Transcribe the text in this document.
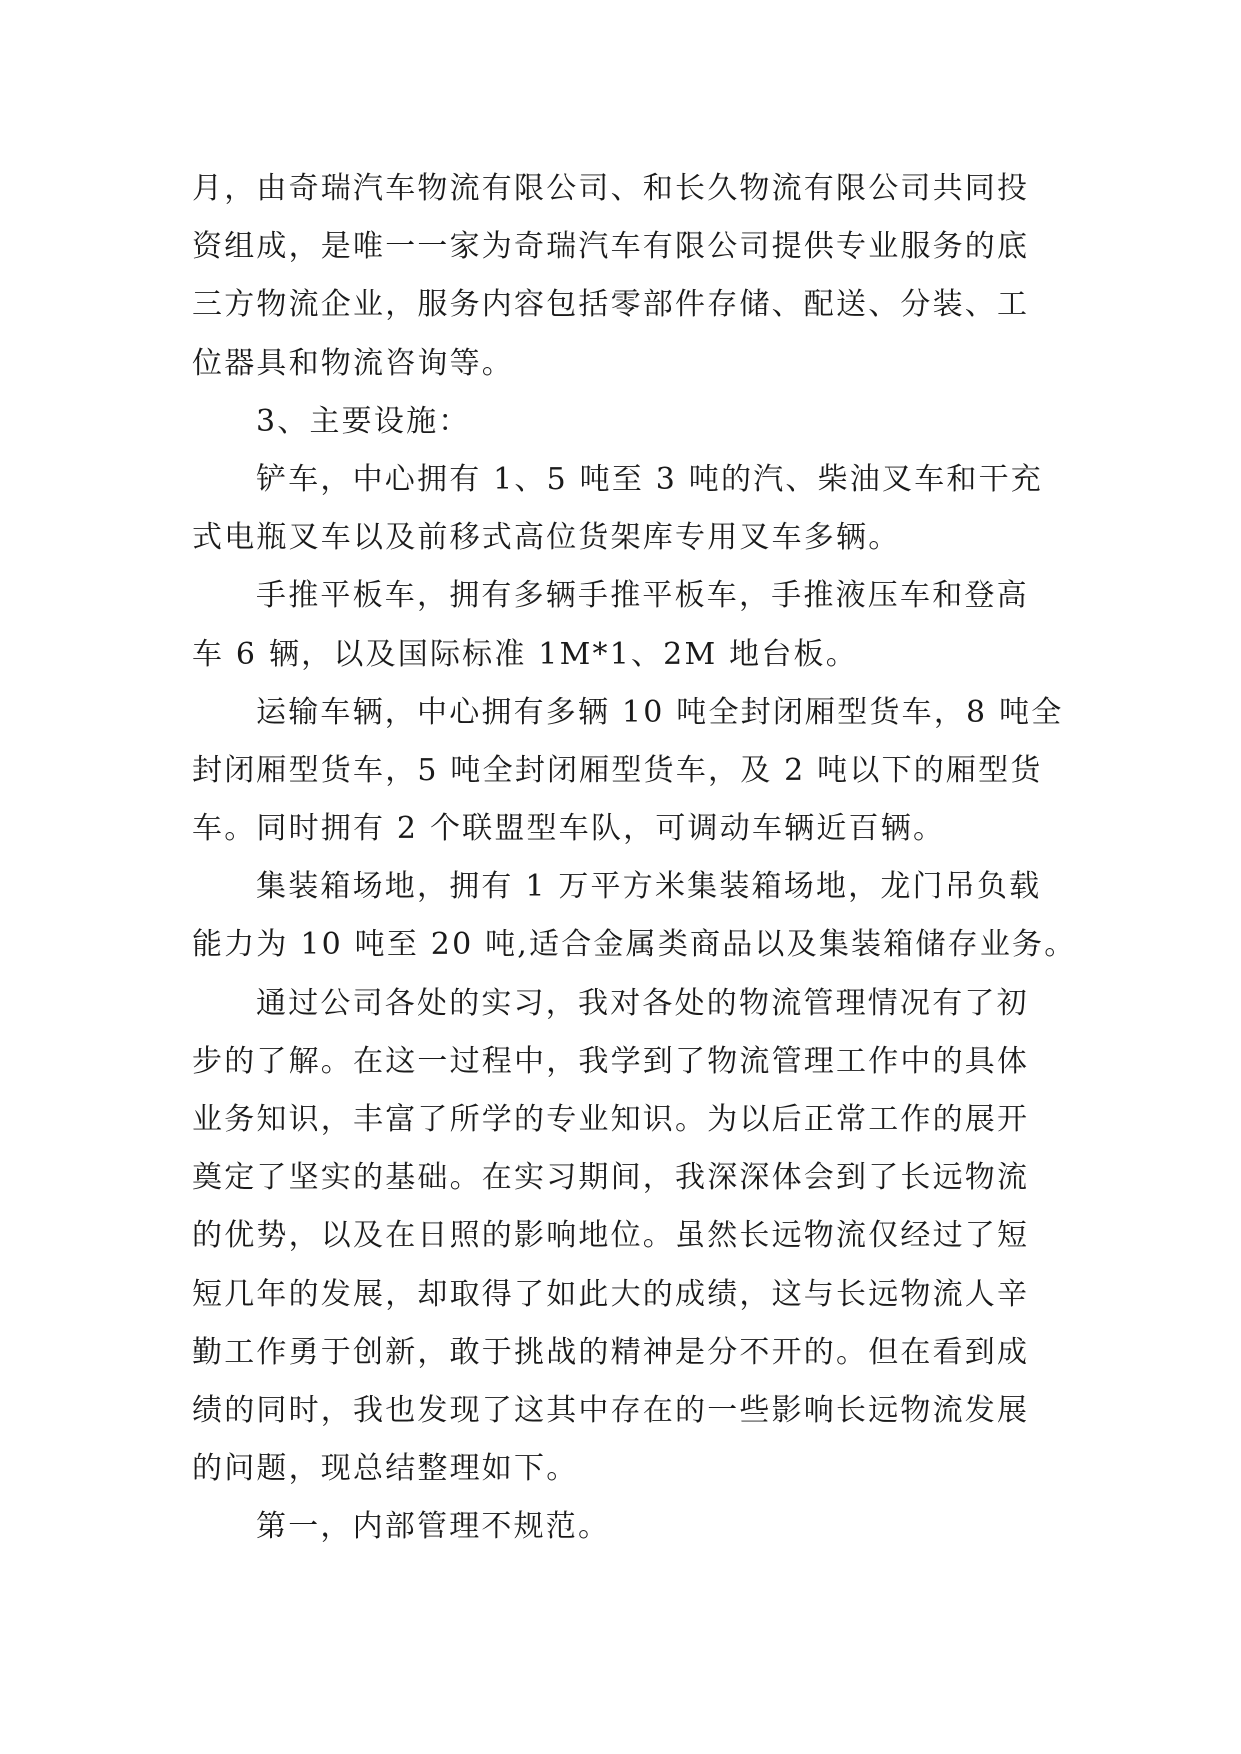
月，由奇瑞汽车物流有限公司、和长久物流有限公司共同投
资组成，是唯一一家为奇瑞汽车有限公司提供专业服务的底
三方物流企业，服务内容包括零部件存储、配送、分装、工
位器具和物流咨询等。
3、主要设施：
铲车，中心拥有 1、5 吨至 3 吨的汽、柴油叉车和干充
式电瓶叉车以及前移式高位货架库专用叉车多辆。
手推平板车，拥有多辆手推平板车，手推液压车和登高
车 6 辆，以及国际标准 1M*1、2M 地台板。
运输车辆，中心拥有多辆 10 吨全封闭厢型货车，8 吨全
封闭厢型货车，5 吨全封闭厢型货车，及 2 吨以下的厢型货
车。同时拥有 2 个联盟型车队，可调动车辆近百辆。
集装箱场地，拥有 1 万平方米集装箱场地，龙门吊负载
能力为 10 吨至 20 吨,适合金属类商品以及集装箱储存业务。
通过公司各处的实习，我对各处的物流管理情况有了初
步的了解。在这一过程中，我学到了物流管理工作中的具体
业务知识，丰富了所学的专业知识。为以后正常工作的展开
奠定了坚实的基础。在实习期间，我深深体会到了长远物流
的优势，以及在日照的影响地位。虽然长远物流仅经过了短
短几年的发展，却取得了如此大的成绩，这与长远物流人辛
勤工作勇于创新，敢于挑战的精神是分不开的。但在看到成
绩的同时，我也发现了这其中存在的一些影响长远物流发展
的问题，现总结整理如下。
第一，内部管理不规范。
